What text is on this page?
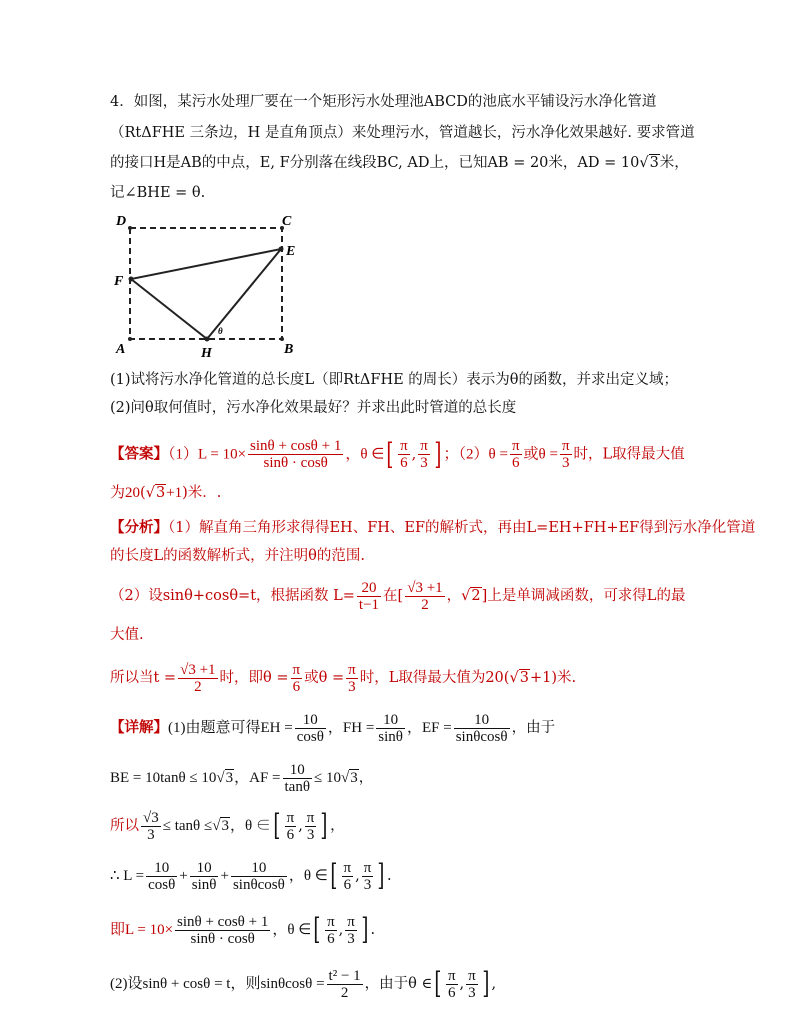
4．如图，某污水处理厂要在一个矩形污水处理池ABCD的池底水平铺设污水净化管道
（RtΔFHE 三条边，H 是直角顶点）来处理污水，管道越长，污水净化效果越好. 要求管道
的接口H是AB的中点，E, F分别落在线段BC, AD上，已知AB = 20米，AD = 10√3米，
记∠BHE = θ.
D	C
E
F
A	H	B
θ
(1)试将污水净化管道的总长度L（即RtΔFHE 的周长）表示为θ的函数，并求出定义域；
(2)问θ取何值时，污水净化效果最好？并求出此时管道的总长度
【答案】$(1)L = 10\times \frac{\sin\theta + \cos\theta + 1}{\sin\theta \cdot \cos\theta}$ ，θ ∈[ $\frac{\pi}{6}$ , $\frac{\pi}{3}$ ] ；$(2)\theta = \frac{\pi}{6}$ 或$\theta = \frac{\pi}{3}$ 时，L取得最大值
为20(√3+1)米．.
【分析】（1）解直角三角形求得得EH、FH、EF的解析式，再由L=EH+FH+EF得到污水净化管道
的长度L的函数解析式，并注明θ的范围.
（2）设sinθ+cosθ=t，根据函数 $L= \frac{20}{t-1}$ 在[ $\frac{√3 +1}{2}$ ，√2]上是单调减函数，可求得L的最
大值.
所以当$t = \frac{√3 +1}{2}$ 时，即$\theta = \frac{\pi}{6}$ 或$\theta = \frac{\pi}{3}$ 时，L取得最大值为20(√3+1)米.
【详解】(1)由题意可得EH = $\frac{10}{\cos\theta}$ ，FH = $\frac{10}{\sin\theta}$ ，EF = $\frac{10}{\sin\theta\cos\theta}$ ，由于
BE = 10tanθ ≤ 10√3，AF = $\frac{10}{\tan\theta} \le 10√3$，
所以 $\frac{√3}{3} \le \tan\theta \le√3$，θ ∈[ $\frac{\pi}{6}$ , $\frac{\pi}{3}$ ] ，
∴ $L = \frac{10}{\cos\theta} + \frac{10}{\sin\theta} + \frac{10}{\sin\theta\cos\theta}$ ，θ ∈[ $\frac{\pi}{6}$ , $\frac{\pi}{3}$ ] .
即$L = 10\times \frac{\sin\theta + \cos\theta + 1}{\sin\theta \cdot \cos\theta}$ ，θ ∈[ $\frac{\pi}{6}$ , $\frac{\pi}{3}$ ] .
(2)设sinθ + cosθ = t，则$\sin\theta\cos\theta = \frac{\text{t² − 1}}{2}$ ，由于θ ∈[ $\frac{\pi}{6}$ , $\frac{\pi}{3}$ ] ,
